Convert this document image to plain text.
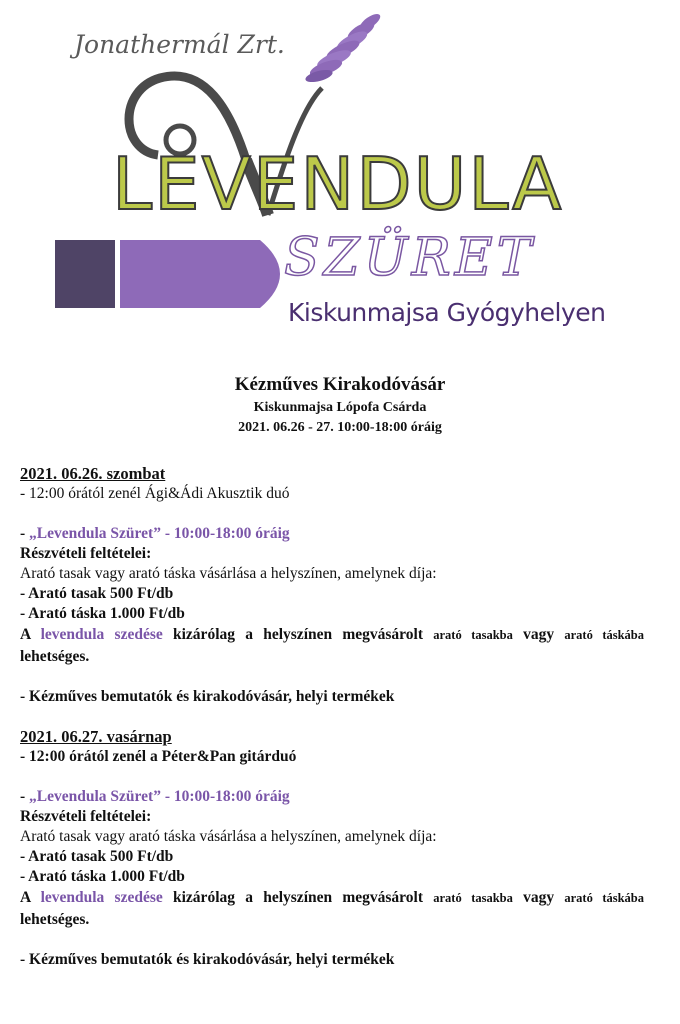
Jonathermál Zrt.
LEVENDULA
SZÜRET
Kiskunmajsa Gyógyhelyen
Kézműves Kirakodóvásár
Kiskunmajsa Lópofa Csárda
2021. 06.26 - 27. 10:00-18:00 óráig
2021. 06.26. szombat
- 12:00 órától zenél Ági&Ádi Akusztik duó
- „Levendula Szüret” - 10:00-18:00 óráig
Részvételi feltételei:
Arató tasak vagy arató táska vásárlása a helyszínen, amelynek díja:
- Arató tasak 500 Ft/db
- Arató táska 1.000 Ft/db
A levendula szedése kizárólag a helyszínen megvásárolt arató tasakba vagy arató táskába lehetséges.
- Kézműves bemutatók és kirakodóvásár, helyi termékek
2021. 06.27. vasárnap
- 12:00 órától zenél a Péter&Pan gitárduó
- „Levendula Szüret” - 10:00-18:00 óráig
Részvételi feltételei:
Arató tasak vagy arató táska vásárlása a helyszínen, amelynek díja:
- Arató tasak 500 Ft/db
- Arató táska 1.000 Ft/db
A levendula szedése kizárólag a helyszínen megvásárolt arató tasakba vagy arató táskába lehetséges.
- Kézműves bemutatók és kirakodóvásár, helyi termékek
